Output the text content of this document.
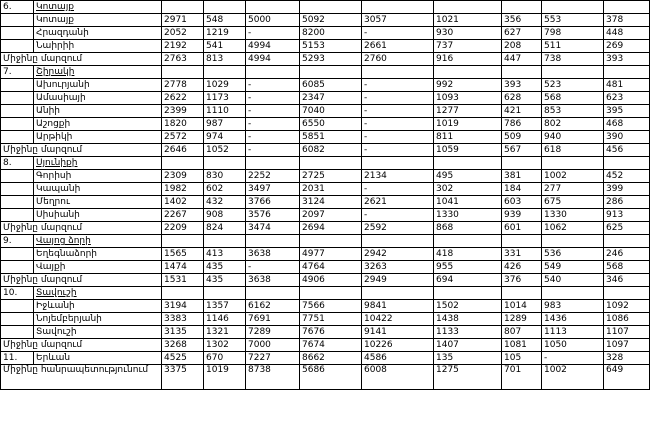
6.	Կոտայք									
	Կոտայք	2971	548	5000	5092	3057	1021	356	553	378
	Հրազդանի	2052	1219	-	8200	-	930	627	798	448
	Նաիրիի	2192	541	4994	5153	2661	737	208	511	269
Միջինը մարզում		2763	813	4994	5293	2760	916	447	738	393
7.	Շիրակի									
	Ախուրյանի	2778	1029	-	6085	-	992	393	523	481
	Ամասիայի	2622	1173	-	2347	-	1093	628	568	623
	Անիի	2399	1110	-	7040	-	1277	421	853	395
	Աշոցքի	1820	987	-	6550	-	1019	786	802	468
	Արթիկի	2572	974	-	5851	-	811	509	940	390
Միջինը մարզում		2646	1052	-	6082	-	1059	567	618	456
8.	Սյունիքի									
	Գորիսի	2309	830	2252	2725	2134	495	381	1002	452
	Կապանի	1982	602	3497	2031	-	302	184	277	399
	Մեղրու	1402	432	3766	3124	2621	1041	603	675	286
	Սիսիանի	2267	908	3576	2097	-	1330	939	1330	913
Միջինը մարզում		2209	824	3474	2694	2592	868	601	1062	625
9.	Վայոց ձորի									
	Եղեգնաձորի	1565	413	3638	4977	2942	418	331	536	246
	Վայքի	1474	435	-	4764	3263	955	426	549	568
Միջինը մարզում		1531	435	3638	4906	2949	694	376	540	346
10.	Տավուշի									
	Իջևանի	3194	1357	6162	7566	9841	1502	1014	983	1092
	Նոյեմբերյանի	3383	1146	7691	7751	10422	1438	1289	1436	1086
	Տավուշի	3135	1321	7289	7676	9141	1133	807	1113	1107
Միջինը մարզում		3268	1302	7000	7674	10226	1407	1081	1050	1097
11.	Երևան	4525	670	7227	8662	4586	135	105	-	328
Միջինը հանրապետությունում		3375	1019	8738	5686	6008	1275	701	1002	649
